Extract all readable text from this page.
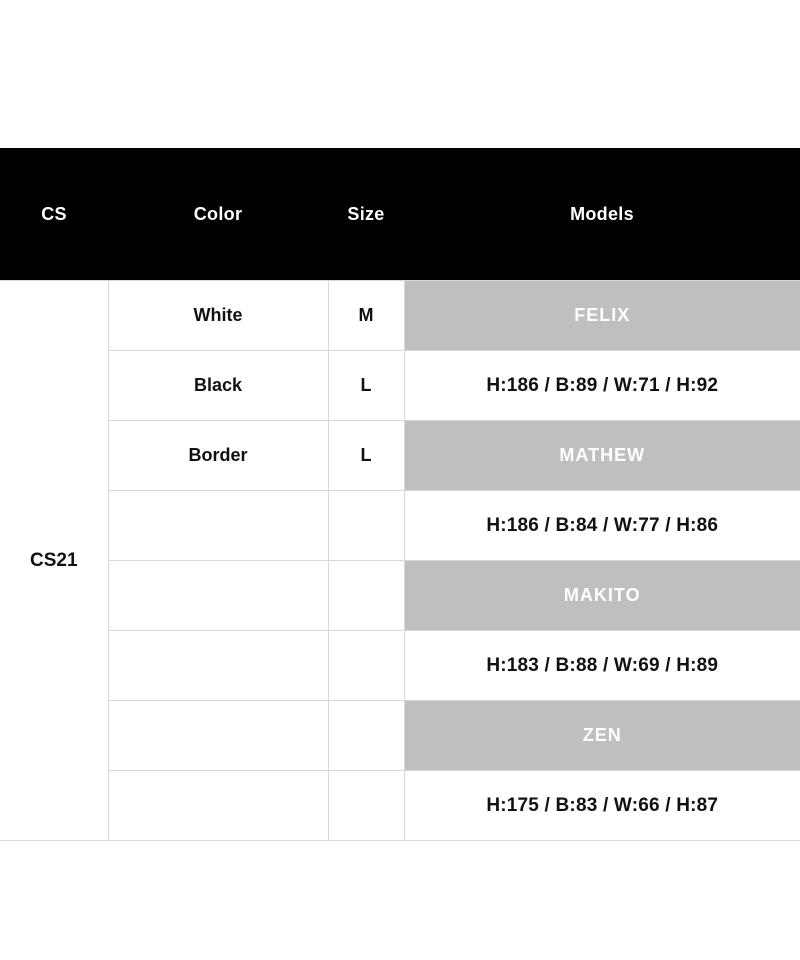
CS	Color	Size	Models
CS21	White	M	FELIX
	Black	L	H:186 / B:89 / W:71 / H:92
	Border	L	MATHEW
			H:186 / B:84 / W:77 / H:86
			MAKITO
			H:183 / B:88 / W:69 / H:89
			ZEN
			H:175 / B:83 / W:66 / H:87
